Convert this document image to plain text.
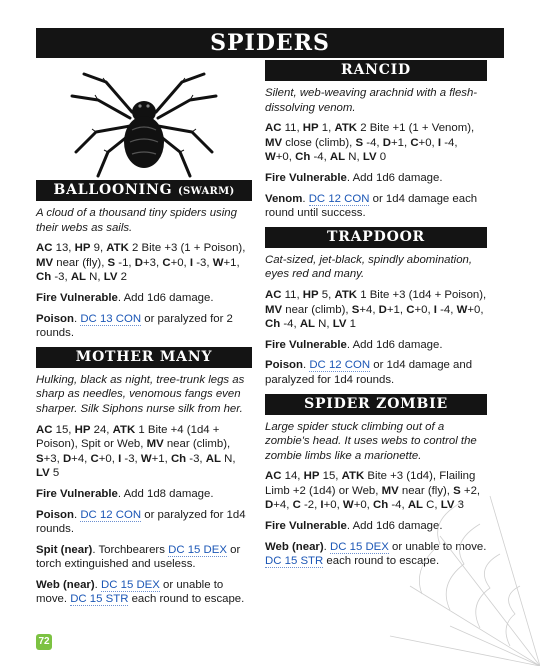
SPIDERS
BALLOONING (SWARM)
A cloud of a thousand tiny spiders using their webs as sails.
AC 13, HP 9, ATK 2 Bite +3 (1 + Poison), MV near (fly), S -1, D+3, C+0, I -3, W+1, Ch -3, AL N, LV 2
Fire Vulnerable. Add 1d6 damage.
Poison. DC 13 CON or paralyzed for 2 rounds.
MOTHER MANY
Hulking, black as night, tree-trunk legs as sharp as needles, venomous fangs even sharper. Silk Siphons nurse silk from her.
AC 15, HP 24, ATK 1 Bite +4 (1d4 + Poison), Spit or Web, MV near (climb), S+3, D+4, C+0, I -3, W+1, Ch -3, AL N, LV 5
Fire Vulnerable. Add 1d8 damage.
Poison. DC 12 CON or paralyzed for 1d4 rounds.
Spit (near). Torchbearers DC 15 DEX or torch extinguished and useless.
Web (near). DC 15 DEX or unable to move. DC 15 STR each round to escape.
RANCID
Silent, web-weaving arachnid with a flesh-dissolving venom.
AC 11, HP 1, ATK 2 Bite +1 (1 + Venom), MV close (climb), S -4, D+1, C+0, I -4, W+0, Ch -4, AL N, LV 0
Fire Vulnerable. Add 1d6 damage.
Venom. DC 12 CON or 1d4 damage each round until success.
TRAPDOOR
Cat-sized, jet-black, spindly abomination, eyes red and many.
AC 11, HP 5, ATK 1 Bite +3 (1d4 + Poison), MV near (climb), S+4, D+1, C+0, I -4, W+0, Ch -4, AL N, LV 1
Fire Vulnerable. Add 1d6 damage.
Poison. DC 12 CON or 1d4 damage and paralyzed for 1d4 rounds.
SPIDER ZOMBIE
Large spider stuck climbing out of a zombie's head. It uses webs to control the zombie limbs like a marionette.
AC 14, HP 15, ATK Bite +3 (1d4), Flailing Limb +2 (1d4) or Web, MV near (fly), S +2, D+4, C -2, I+0, W+0, Ch -4, AL C, LV 3
Fire Vulnerable. Add 1d6 damage.
Web (near). DC 15 DEX or unable to move. DC 15 STR each round to escape.
72
